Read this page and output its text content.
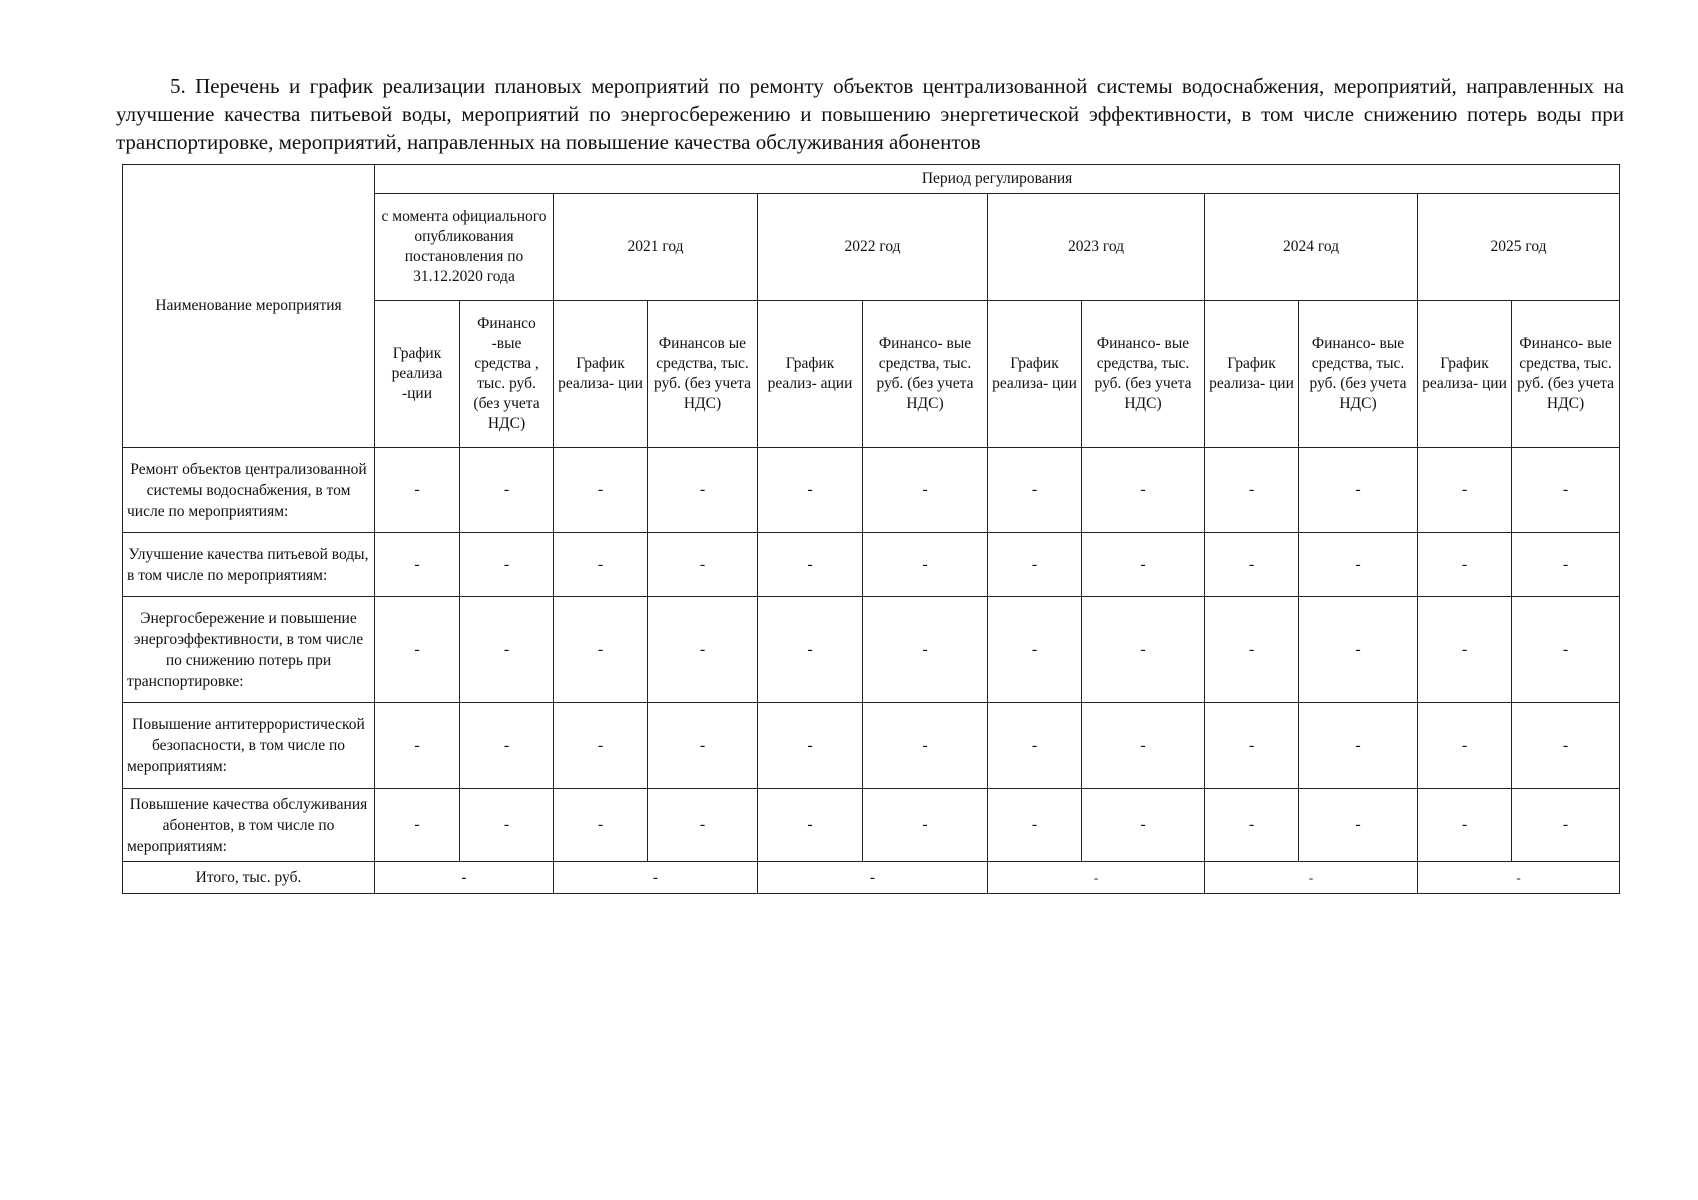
5. Перечень и график реализации плановых мероприятий по ремонту объектов централизованной системы водоснабжения, мероприятий, направленных на улучшение качества питьевой воды, мероприятий по энергосбережению и повышению энергетической эффективности, в том числе снижению потерь воды при транспортировке, мероприятий, направленных на повышение качества обслуживания абонентов

Наименование мероприятия	Период регулирования											
	с момента официального опубликования постановления по 31.12.2020 года		2021 год		2022 год		2023 год		2024 год		2025 год	
	График реализа -ции	Финансо -вые средства , тыс. руб. (без учета НДС)	График реализа- ции	Финансов ые средства, тыс. руб. (без учета НДС)	График реализ- ации	Финансо- вые средства, тыс. руб. (без учета НДС)	График реализа- ции	Финансо- вые средства, тыс. руб. (без учета НДС)	График реализа- ции	Финансо- вые средства, тыс. руб. (без учета НДС)	График реализа- ции	Финансо- вые средства, тыс. руб. (без учета НДС)
Ремонт объектов централизованной системы водоснабжения, в том числе по мероприятиям:	-	-	-	-	-	-	-	-	-	-	-	-
Улучшение качества питьевой воды, в том числе по мероприятиям:	-	-	-	-	-	-	-	-	-	-	-	-
Энергосбережение и повышение энергоэффективности, в том числе по снижению потерь при транспортировке:	-	-	-	-	-	-	-	-	-	-	-	-
Повышение антитеррористической безопасности, в том числе по мероприятиям:	-	-	-	-	-	-	-	-	-	-	-	-
Повышение качества обслуживания абонентов, в том числе по мероприятиям:	-	-	-	-	-	-	-	-	-	-	-	-
Итого, тыс. руб.	-		-		-		-		-		-	
